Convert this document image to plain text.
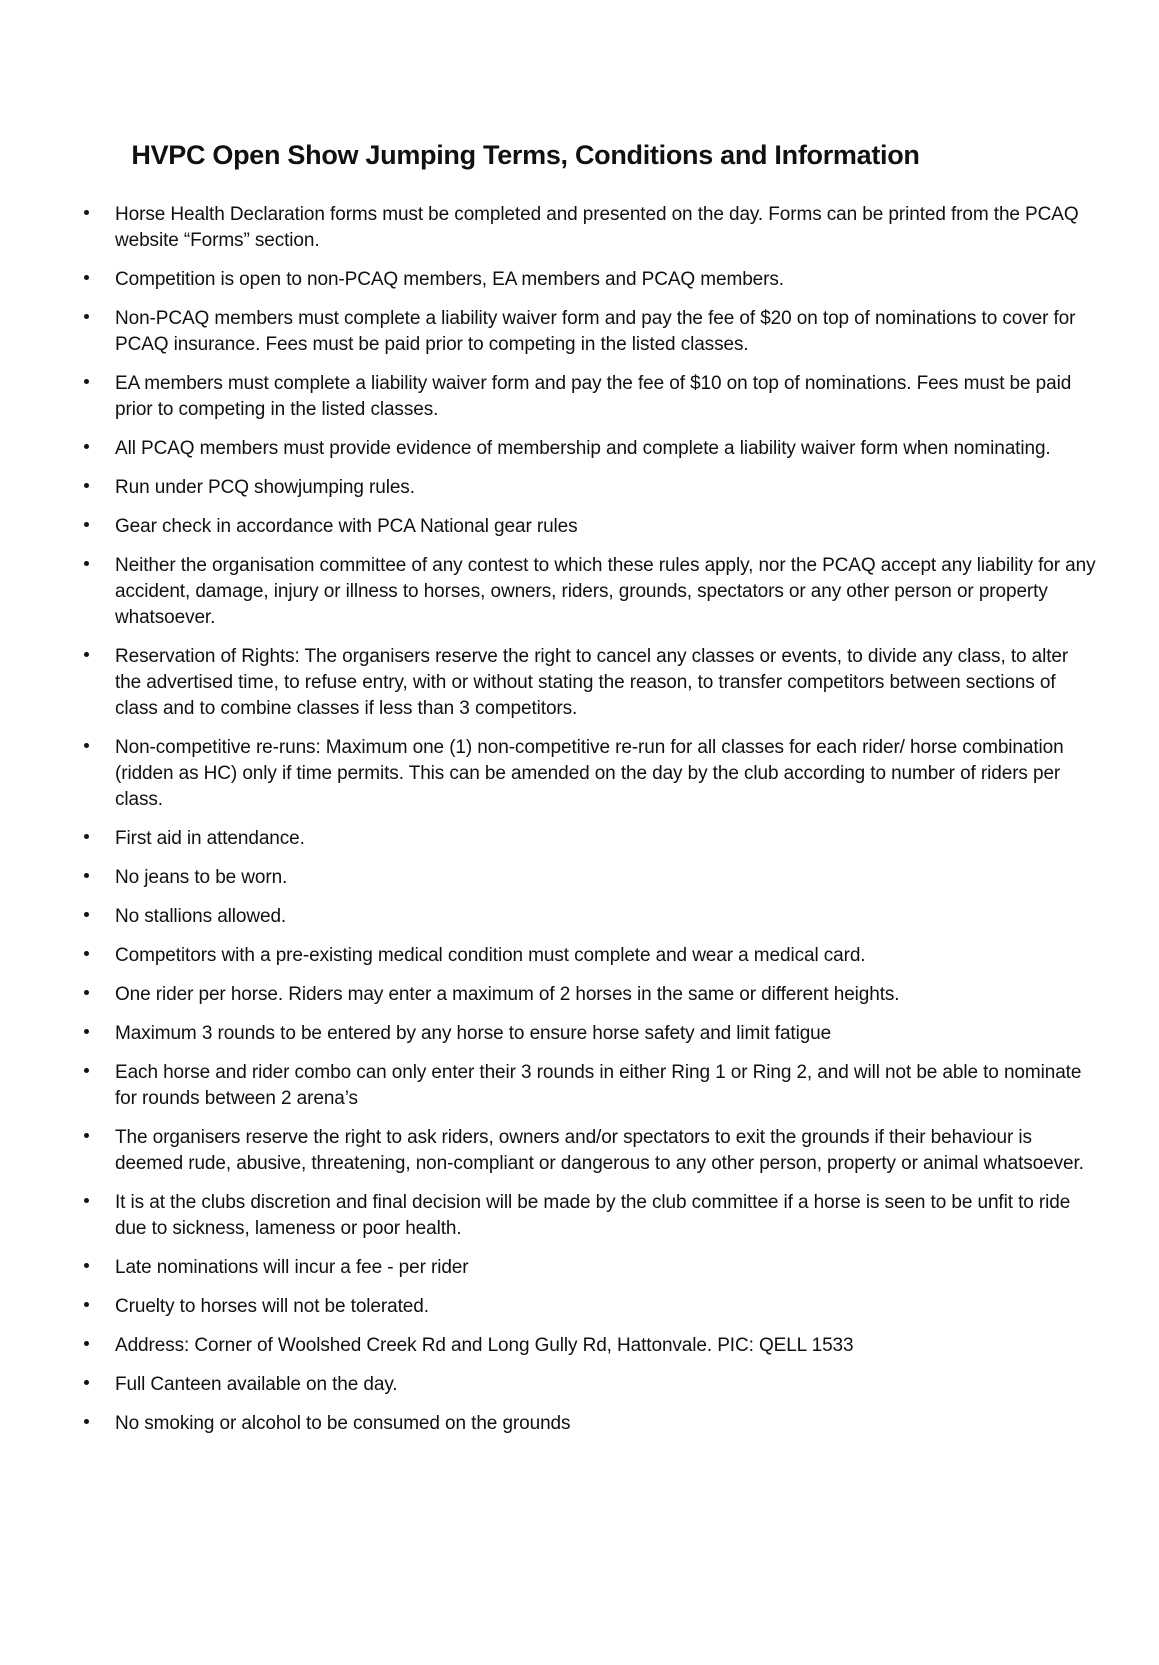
HVPC Open Show Jumping Terms, Conditions and Information
Horse Health Declaration forms must be completed and presented on the day. Forms can be printed from the PCAQ website “Forms” section.
Competition is open to non-PCAQ members, EA members and PCAQ members.
Non-PCAQ members must complete a liability waiver form and pay the fee of $20 on top of nominations to cover for PCAQ insurance. Fees must be paid prior to competing in the listed classes.
EA members must complete a liability waiver form and pay the fee of $10 on top of nominations. Fees must be paid prior to competing in the listed classes.
All PCAQ members must provide evidence of membership and complete a liability waiver form when nominating.
Run under PCQ showjumping rules.
Gear check in accordance with PCA National gear rules
Neither the organisation committee of any contest to which these rules apply, nor the PCAQ accept any liability for any accident, damage, injury or illness to horses, owners, riders, grounds, spectators or any other person or property whatsoever.
Reservation of Rights: The organisers reserve the right to cancel any classes or events, to divide any class, to alter the advertised time, to refuse entry, with or without stating the reason, to transfer competitors between sections of class and to combine classes if less than 3 competitors.
Non-competitive re-runs: Maximum one (1) non-competitive re-run for all classes for each rider/ horse combination (ridden as HC) only if time permits. This can be amended on the day by the club according to number of riders per class.
First aid in attendance.
No jeans to be worn.
No stallions allowed.
Competitors with a pre-existing medical condition must complete and wear a medical card.
One rider per horse. Riders may enter a maximum of 2 horses in the same or different heights.
Maximum 3 rounds to be entered by any horse to ensure horse safety and limit fatigue
Each horse and rider combo can only enter their 3 rounds in either Ring 1 or Ring 2, and will not be able to nominate for rounds between 2 arena’s
The organisers reserve the right to ask riders, owners and/or spectators to exit the grounds if their behaviour is deemed rude, abusive, threatening, non-compliant or dangerous to any other person, property or animal whatsoever.
It is at the clubs discretion and final decision will be made by the club committee if a horse is seen to be unfit to ride due to sickness, lameness or poor health.
Late nominations will incur a fee - per rider
Cruelty to horses will not be tolerated.
Address: Corner of Woolshed Creek Rd and Long Gully Rd, Hattonvale. PIC: QELL 1533
Full Canteen available on the day.
No smoking or alcohol to be consumed on the grounds
